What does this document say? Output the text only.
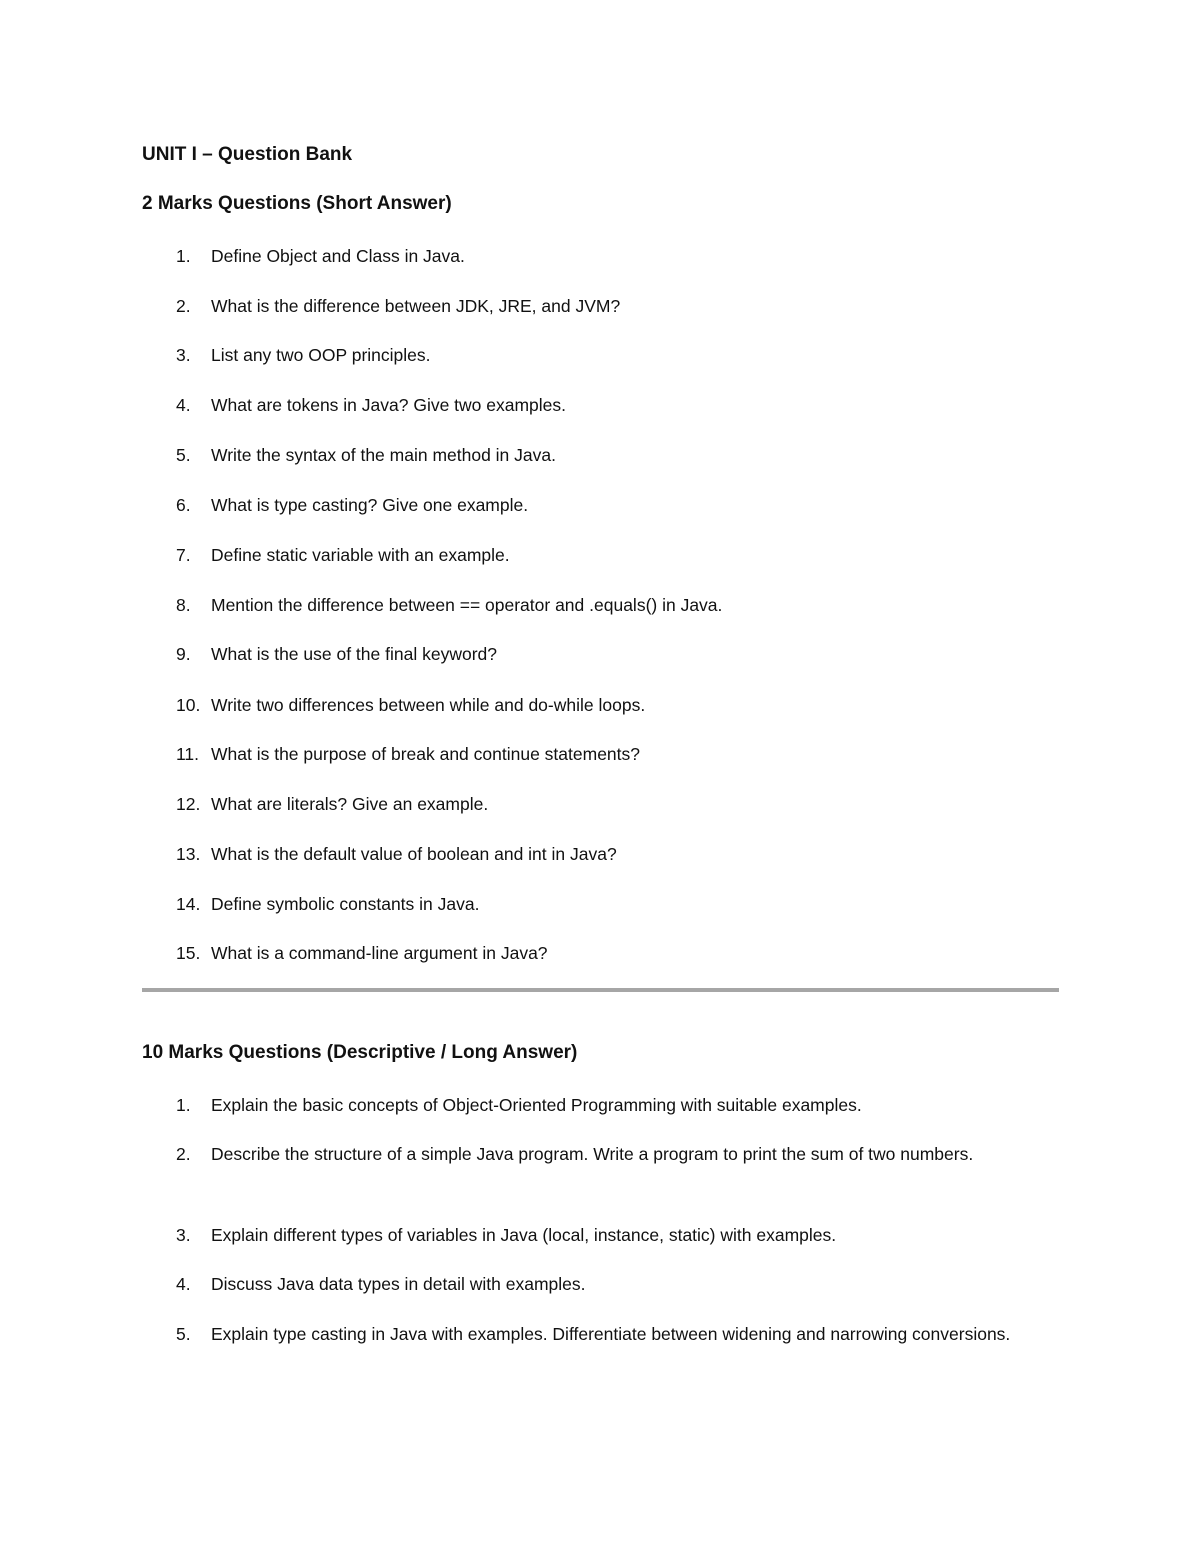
UNIT I – Question Bank
2 Marks Questions (Short Answer)
1.	Define Object and Class in Java.
2.	What is the difference between JDK, JRE, and JVM?
3.	List any two OOP principles.
4.	What are tokens in Java? Give two examples.
5.	Write the syntax of the main method in Java.
6.	What is type casting? Give one example.
7.	Define static variable with an example.
8.	Mention the difference between == operator and .equals() in Java.
9.	What is the use of the final keyword?
10. Write two differences between while and do-while loops.
11. What is the purpose of break and continue statements?
12. What are literals? Give an example.
13. What is the default value of boolean and int in Java?
14. Define symbolic constants in Java.
15. What is a command-line argument in Java?
10 Marks Questions (Descriptive / Long Answer)
1.	Explain the basic concepts of Object-Oriented Programming with suitable examples.
2.	Describe the structure of a simple Java program. Write a program to print the sum of two numbers.
3.	Explain different types of variables in Java (local, instance, static) with examples.
4.	Discuss Java data types in detail with examples.
5.	Explain type casting in Java with examples. Differentiate between widening and narrowing conversions.
